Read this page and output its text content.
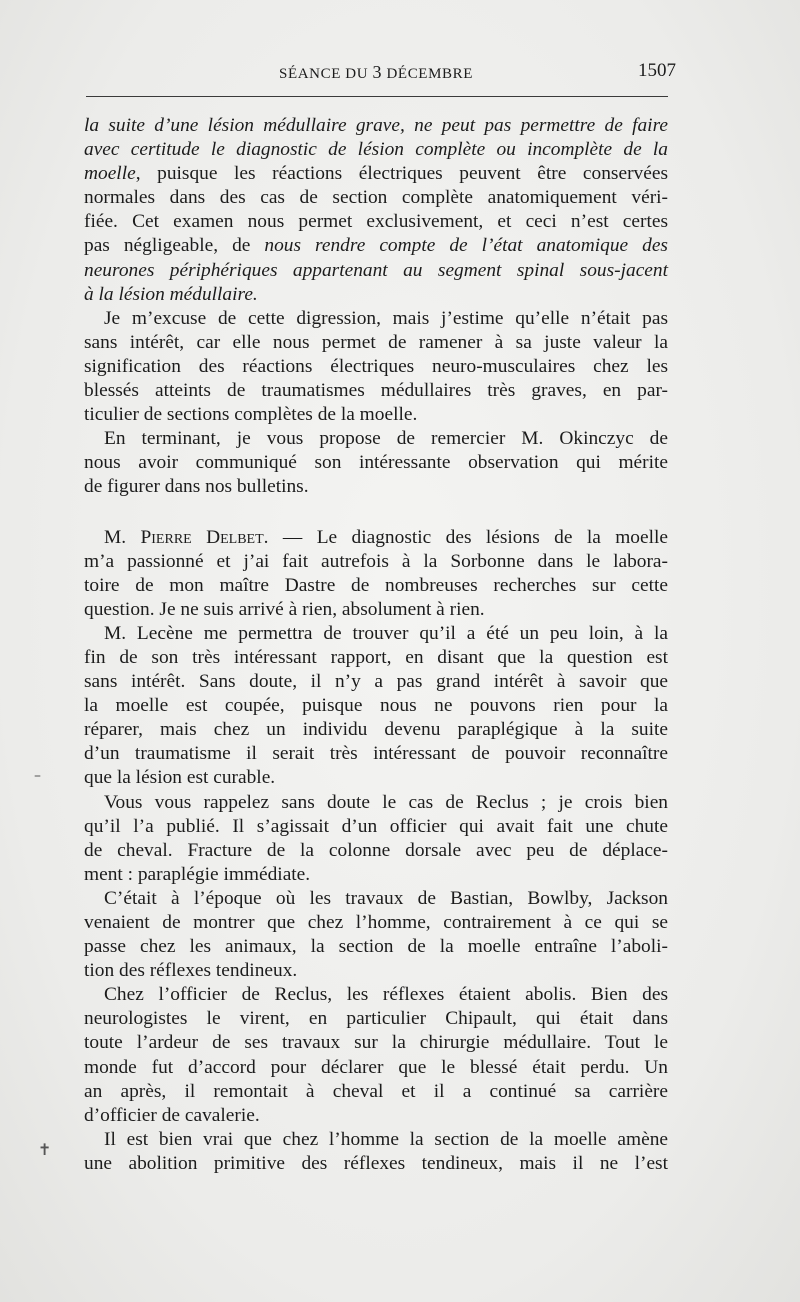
SÉANCE DU 3 DÉCEMBRE	1507
la suite d’une lésion médullaire grave, ne peut pas permettre de faire
avec certitude le diagnostic de lésion complète ou incomplète de la
moelle, puisque les réactions électriques peuvent être conservées
normales dans des cas de section complète anatomiquement véri-
fiée. Cet examen nous permet exclusivement, et ceci n’est certes
pas négligeable, de nous rendre compte de l’état anatomique des
neurones périphériques appartenant au segment spinal sous-jacent
à la lésion médullaire.
Je m’excuse de cette digression, mais j’estime qu’elle n’était pas
sans intérêt, car elle nous permet de ramener à sa juste valeur la
signification des réactions électriques neuro-musculaires chez les
blessés atteints de traumatismes médullaires très graves, en par-
ticulier de sections complètes de la moelle.
En terminant, je vous propose de remercier M. Okinczyc de
nous avoir communiqué son intéressante observation qui mérite
de figurer dans nos bulletins.
M. Pierre Delbet. — Le diagnostic des lésions de la moelle
m’a passionné et j’ai fait autrefois à la Sorbonne dans le labora-
toire de mon maître Dastre de nombreuses recherches sur cette
question. Je ne suis arrivé à rien, absolument à rien.
M. Lecène me permettra de trouver qu’il a été un peu loin, à la
fin de son très intéressant rapport, en disant que la question est
sans intérêt. Sans doute, il n’y a pas grand intérêt à savoir que
la moelle est coupée, puisque nous ne pouvons rien pour la
réparer, mais chez un individu devenu paraplégique à la suite
d’un traumatisme il serait très intéressant de pouvoir reconnaître
que la lésion est curable.
Vous vous rappelez sans doute le cas de Reclus ; je crois bien
qu’il l’a publié. Il s’agissait d’un officier qui avait fait une chute
de cheval. Fracture de la colonne dorsale avec peu de déplace-
ment : paraplégie immédiate.
C’était à l’époque où les travaux de Bastian, Bowlby, Jackson
venaient de montrer que chez l’homme, contrairement à ce qui se
passe chez les animaux, la section de la moelle entraîne l’aboli-
tion des réflexes tendineux.
Chez l’officier de Reclus, les réflexes étaient abolis. Bien des
neurologistes le virent, en particulier Chipault, qui était dans
toute l’ardeur de ses travaux sur la chirurgie médullaire. Tout le
monde fut d’accord pour déclarer que le blessé était perdu. Un
an après, il remontait à cheval et il a continué sa carrière
d’officier de cavalerie.
Il est bien vrai que chez l’homme la section de la moelle amène
une abolition primitive des réflexes tendineux, mais il ne l’est
✝
–
